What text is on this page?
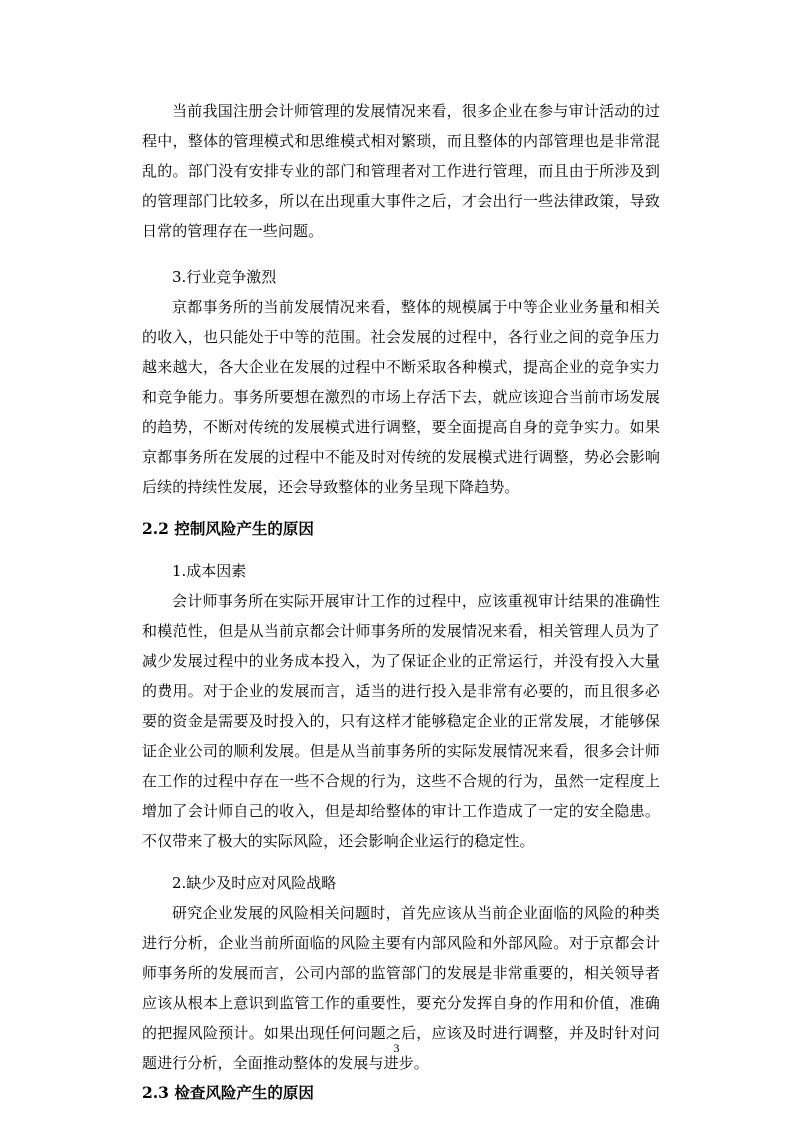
当前我国注册会计师管理的发展情况来看，很多企业在参与审计活动的过程中，整体的管理模式和思维模式相对繁琐，而且整体的内部管理也是非常混乱的。部门没有安排专业的部门和管理者对工作进行管理，而且由于所涉及到的管理部门比较多，所以在出现重大事件之后，才会出行一些法律政策，导致日常的管理存在一些问题。

3.行业竞争激烈

京都事务所的当前发展情况来看，整体的规模属于中等企业业务量和相关的收入，也只能处于中等的范围。社会发展的过程中，各行业之间的竞争压力越来越大，各大企业在发展的过程中不断采取各种模式，提高企业的竞争实力和竞争能力。事务所要想在激烈的市场上存活下去，就应该迎合当前市场发展的趋势，不断对传统的发展模式进行调整，要全面提高自身的竞争实力。如果京都事务所在发展的过程中不能及时对传统的发展模式进行调整，势必会影响后续的持续性发展，还会导致整体的业务呈现下降趋势。

2.2 控制风险产生的原因

1.成本因素

会计师事务所在实际开展审计工作的过程中，应该重视审计结果的准确性和模范性，但是从当前京都会计师事务所的发展情况来看，相关管理人员为了减少发展过程中的业务成本投入，为了保证企业的正常运行，并没有投入大量的费用。对于企业的发展而言，适当的进行投入是非常有必要的，而且很多必要的资金是需要及时投入的，只有这样才能够稳定企业的正常发展，才能够保证企业公司的顺利发展。但是从当前事务所的实际发展情况来看，很多会计师在工作的过程中存在一些不合规的行为，这些不合规的行为，虽然一定程度上增加了会计师自己的收入，但是却给整体的审计工作造成了一定的安全隐患。不仅带来了极大的实际风险，还会影响企业运行的稳定性。

2.缺少及时应对风险战略

研究企业发展的风险相关问题时，首先应该从当前企业面临的风险的种类进行分析，企业当前所面临的风险主要有内部风险和外部风险。对于京都会计师事务所的发展而言，公司内部的监管部门的发展是非常重要的，相关领导者应该从根本上意识到监管工作的重要性，要充分发挥自身的作用和价值，准确的把握风险预计。如果出现任何问题之后，应该及时进行调整，并及时针对问题进行分析，全面推动整体的发展与进步。

2.3 检查风险产生的原因

3
